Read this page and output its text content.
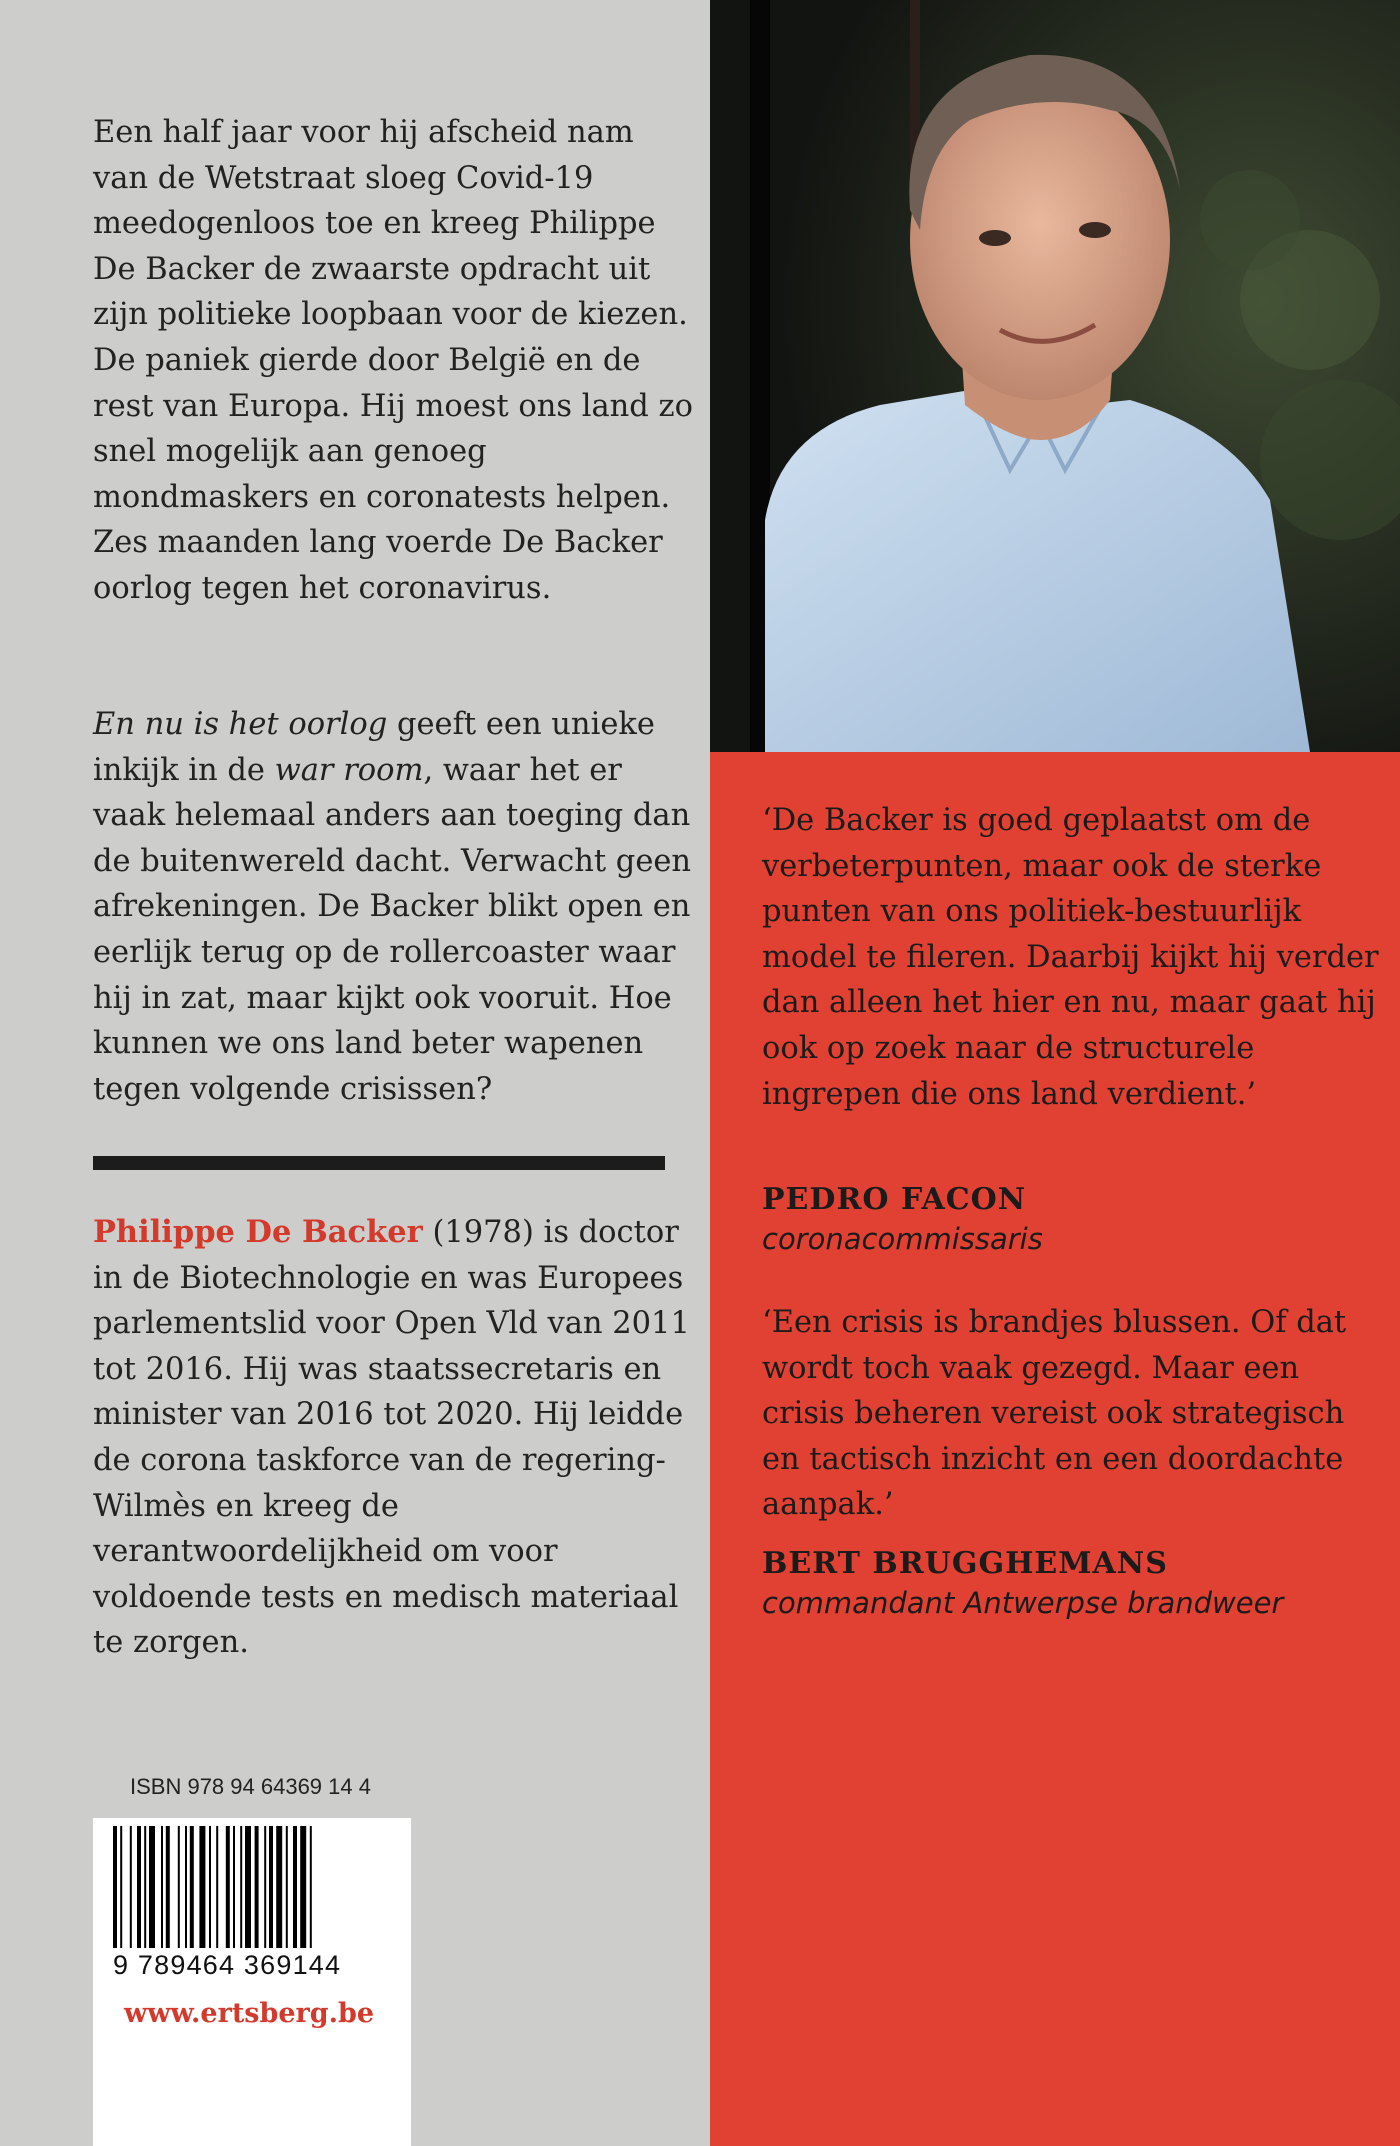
Een half jaar voor hij afscheid nam van de Wetstraat sloeg Covid-19 meedogenloos toe en kreeg Philippe De Backer de zwaarste opdracht uit zijn politieke loopbaan voor de kiezen. De paniek gierde door België en de rest van Europa. Hij moest ons land zo snel mogelijk aan genoeg mondmaskers en coronatests helpen. Zes maanden lang voerde De Backer oorlog tegen het coronavirus.
En nu is het oorlog geeft een unieke inkijk in de war room, waar het er vaak helemaal anders aan toeging dan de buitenwereld dacht. Verwacht geen afrekeningen. De Backer blikt open en eerlijk terug op de rollercoaster waar hij in zat, maar kijkt ook vooruit. Hoe kunnen we ons land beter wapenen tegen volgende crisissen?
Philippe De Backer (1978) is doctor in de Biotechnologie en was Europees parlementslid voor Open Vld van 2011 tot 2016. Hij was staatssecretaris en minister van 2016 tot 2020. Hij leidde de corona taskforce van de regering-Wilmès en kreeg de verantwoordelijkheid om voor voldoende tests en medisch materiaal te zorgen.
ISBN 978 94 64369 14 4
9 789464 369144
www.ertsberg.be
‘De Backer is goed geplaatst om de verbeterpunten, maar ook de sterke punten van ons politiek-bestuurlijk model te fileren. Daarbij kijkt hij verder dan alleen het hier en nu, maar gaat hij ook op zoek naar de structurele ingrepen die ons land verdient.’
PEDRO FACON
coronacommissaris
‘Een crisis is brandjes blussen. Of dat wordt toch vaak gezegd. Maar een crisis beheren vereist ook strategisch en tactisch inzicht en een doordachte aanpak.’
BERT BRUGGHEMANS
commandant Antwerpse brandweer
